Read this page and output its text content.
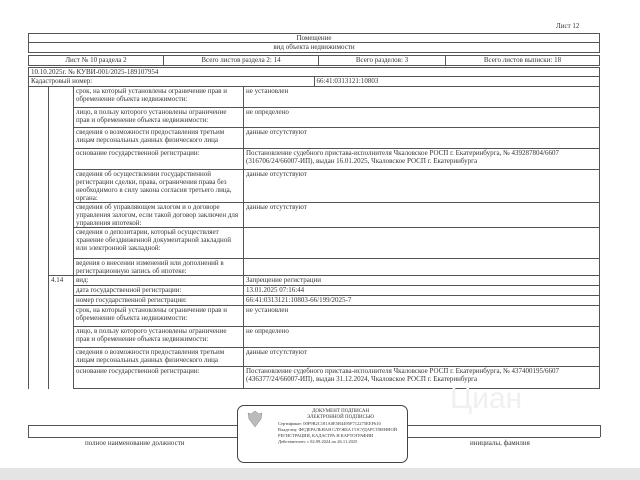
Лист 12
Помещение
вид объекта недвижимости
Лист № 10 раздела 2	Всего листов раздела 2: 14	Всего разделов: 3	Всего листов выписки: 18
10.10.2025г. № КУВИ-001/2025-189107954
Кадастровый номер:	66:41:0313121:10803
		срок, на который установлены ограничение прав и обременение объекта недвижимости:	не установлен
		лицо, в пользу которого установлены ограничение прав и обременение объекта недвижимости:	не определено
		сведения о возможности предоставления третьим лицам персональных данных физического лица	данные отсутствуют
		основание государственной регистрации:	Постановление судебного пристава-исполнителя Чкаловское РОСП г. Екатеринбурга, № 439287804/6607 (316706/24/66007-ИП), выдан 16.01.2025, Чкаловское РОСП г. Екатеринбурга
		сведения об осуществлении государственной регистрации сделки, права, ограничения права без необходимого в силу закона согласия третьего лица, органа:	данные отсутствуют
		сведения об управляющем залогом и о договоре управления залогом, если такой договор заключен для управления ипотекой:	данные отсутствуют
		сведения о депозитарии, который осуществляет хранение обездвиженной документарной закладной или электронной закладной:	
		ведения о внесении изменений или дополнений в регистрационную запись об ипотеке:	
	4.14	вид:	Запрещение регистрации
		дата государственной регистрации:	13.01.2025 07:16:44
		номер государственной регистрации:	66:41:0313121:10803-66/199/2025-7
		срок, на который установлены ограничение прав и обременение объекта недвижимости:	не установлен
		лицо, в пользу которого установлены ограничение прав и обременение объекта недвижимости:	не определено
		сведения о возможности предоставления третьим лицам персональных данных физического лица	данные отсутствуют
		основание государственной регистрации:	Постановление судебного пристава-исполнителя Чкаловское РОСП г. Екатеринбурга, № 437400195/6607 (436377/24/66007-ИП), выдан 31.12.2024, Чкаловское РОСП г. Екатеринбурга
Циан
полное наименование должности	инициалы, фамилия
ДОКУМЕНТ ПОДПИСАН
ЭЛЕКТРОННОЙ ПОДПИСЬЮ
Сертификат: 00F9B2C181A0E5B4495F712275EEF610
Владелец: ФЕДЕРАЛЬНАЯ СЛУЖБА ГОСУДАРСТВЕННОЙ
РЕГИСТРАЦИИ, КАДАСТРА И КАРТОГРАФИИ
Действителен: с 02.09.2024 по 26.11.2025
